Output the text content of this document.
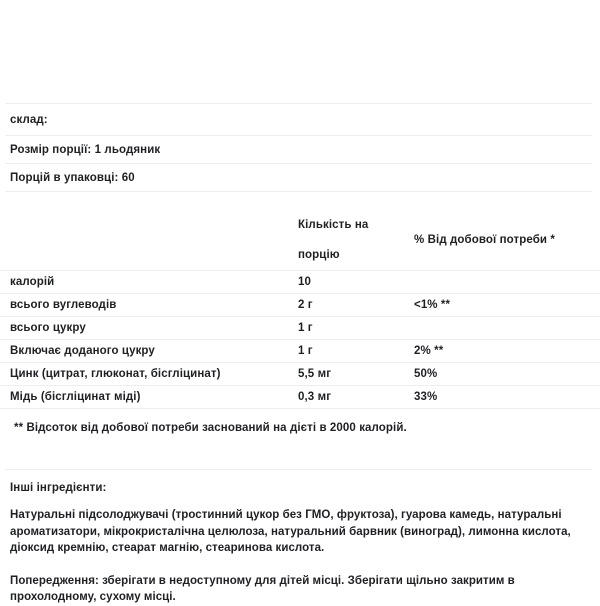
склад:
Розмір порції: 1 льодяник
Порцій в упаковці: 60

	Кількість на порцію	% Від добової потреби *
калорій	10	
всього вуглеводів	2 г	<1% **
всього цукру	1 г	
Включає доданого цукру	1 г	2% **
Цинк (цитрат, глюконат, бісгліцинат)	5,5 мг	50%
Мідь (бісгліцинат міді)	0,3 мг	33%
** Відсоток від добової потреби заснований на дієті в 2000 калорій.
Інші інгредієнти:
Натуральні підсолоджувачі (тростинний цукор без ГМО, фруктоза), гуарова камедь, натуральні ароматизатори, мікрокристалічна целюлоза, натуральний барвник (виноград), лимонна кислота, діоксид кремнію, стеарат магнію, стеаринова кислота.
Попередження: зберігати в недоступному для дітей місці. Зберігати щільно закритим в прохолодному, сухому місці.
